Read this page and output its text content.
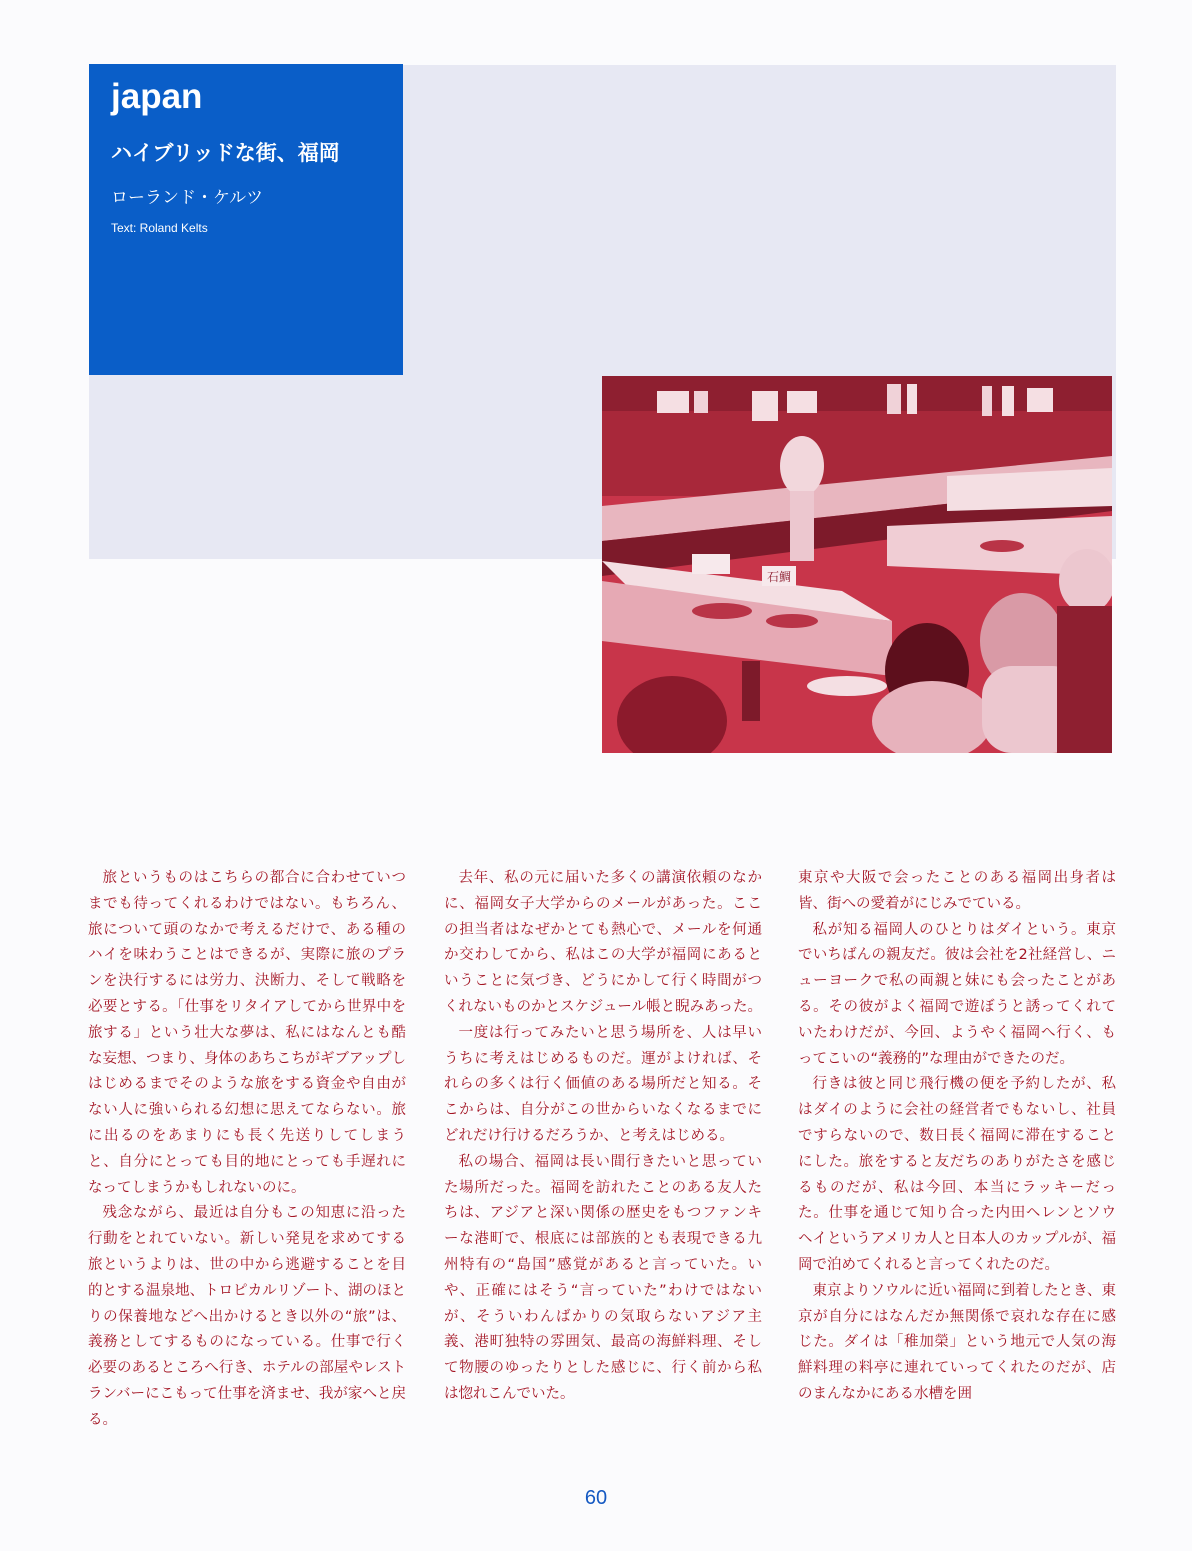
japan
ハイブリッドな街、福岡
ローランド・ケルツ
Text: Roland Kelts
石鯛

旅というものはこちらの都合に合わせていつまでも待ってくれるわけではない。もちろん、旅について頭のなかで考えるだけで、ある種のハイを味わうことはできるが、実際に旅のプランを決行するには労力、決断力、そして戦略を必要とする。「仕事をリタイアしてから世界中を旅する」という壮大な夢は、私にはなんとも酷な妄想、つまり、身体のあちこちがギブアップしはじめるまでそのような旅をする資金や自由がない人に強いられる幻想に思えてならない。旅に出るのをあまりにも長く先送りしてしまうと、自分にとっても目的地にとっても手遅れになってしまうかもしれないのに。

残念ながら、最近は自分もこの知恵に沿った行動をとれていない。新しい発見を求めてする旅というよりは、世の中から逃避することを目的とする温泉地、トロピカルリゾート、湖のほとりの保養地などへ出かけるとき以外の“旅”は、義務としてするものになっている。仕事で行く必要のあるところへ行き、ホテルの部屋やレストランバーにこもって仕事を済ませ、我が家へと戻る。

去年、私の元に届いた多くの講演依頼のなかに、福岡女子大学からのメールがあった。ここの担当者はなぜかとても熱心で、メールを何通か交わしてから、私はこの大学が福岡にあるということに気づき、どうにかして行く時間がつくれないものかとスケジュール帳と睨みあった。

一度は行ってみたいと思う場所を、人は早いうちに考えはじめるものだ。運がよければ、それらの多くは行く価値のある場所だと知る。そこからは、自分がこの世からいなくなるまでにどれだけ行けるだろうか、と考えはじめる。

私の場合、福岡は長い間行きたいと思っていた場所だった。福岡を訪れたことのある友人たちは、アジアと深い関係の歴史をもつファンキーな港町で、根底には部族的とも表現できる九州特有の“島国”感覚があると言っていた。いや、正確にはそう“言っていた”わけではないが、そういわんばかりの気取らないアジア主義、港町独特の雰囲気、最高の海鮮料理、そして物腰のゆったりとした感じに、行く前から私は惚れこんでいた。

東京や大阪で会ったことのある福岡出身者は皆、街への愛着がにじみでている。

私が知る福岡人のひとりはダイという。東京でいちばんの親友だ。彼は会社を2社経営し、ニューヨークで私の両親と妹にも会ったことがある。その彼がよく福岡で遊ぼうと誘ってくれていたわけだが、今回、ようやく福岡へ行く、もってこいの“義務的”な理由ができたのだ。

行きは彼と同じ飛行機の便を予約したが、私はダイのように会社の経営者でもないし、社員ですらないので、数日長く福岡に滞在することにした。旅をすると友だちのありがたさを感じるものだが、私は今回、本当にラッキーだった。仕事を通じて知り合った内田ヘレンとソウヘイというアメリカ人と日本人のカップルが、福岡で泊めてくれると言ってくれたのだ。

東京よりソウルに近い福岡に到着したとき、東京が自分にはなんだか無関係で哀れな存在に感じた。ダイは「稚加榮」という地元で人気の海鮮料理の料亭に連れていってくれたのだが、店のまんなかにある水槽を囲

60
